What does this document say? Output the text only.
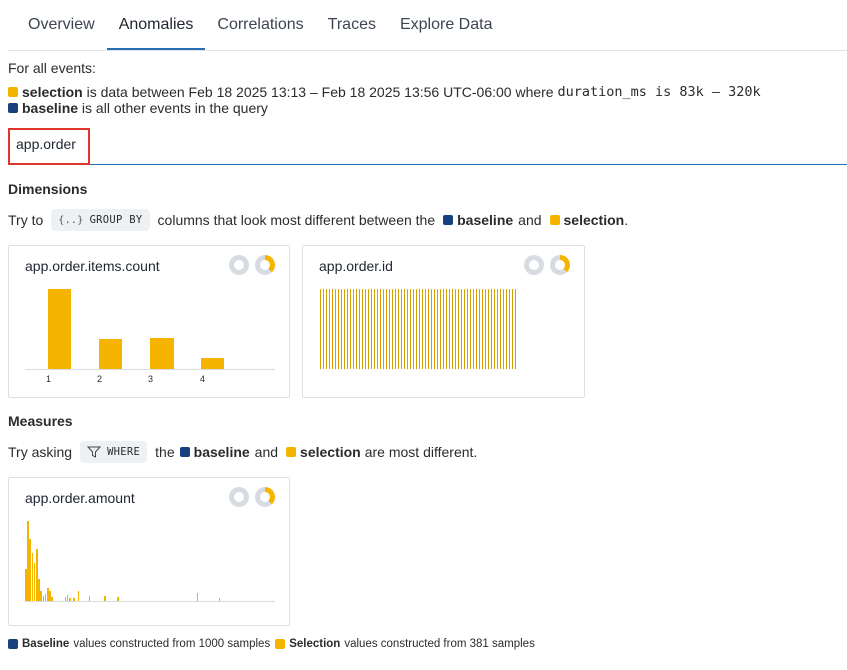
Overview	Anomalies	Correlations	Traces	Explore Data
For all events:
selection is data between Feb 18 2025 13:13 – Feb 18 2025 13:56 UTC-06:00 where duration_ms is 83k – 320k
baseline is all other events in the query
app.order
Dimensions
Try to {..} GROUP BY columns that look most different between the baseline and selection .
app.order.items.count
1	2	3	4
app.order.id
Measures
Try asking	WHERE the baseline and selection are most different.
app.order.amount
Baseline values constructed from 1000 samples Selection values constructed from 381 samples
